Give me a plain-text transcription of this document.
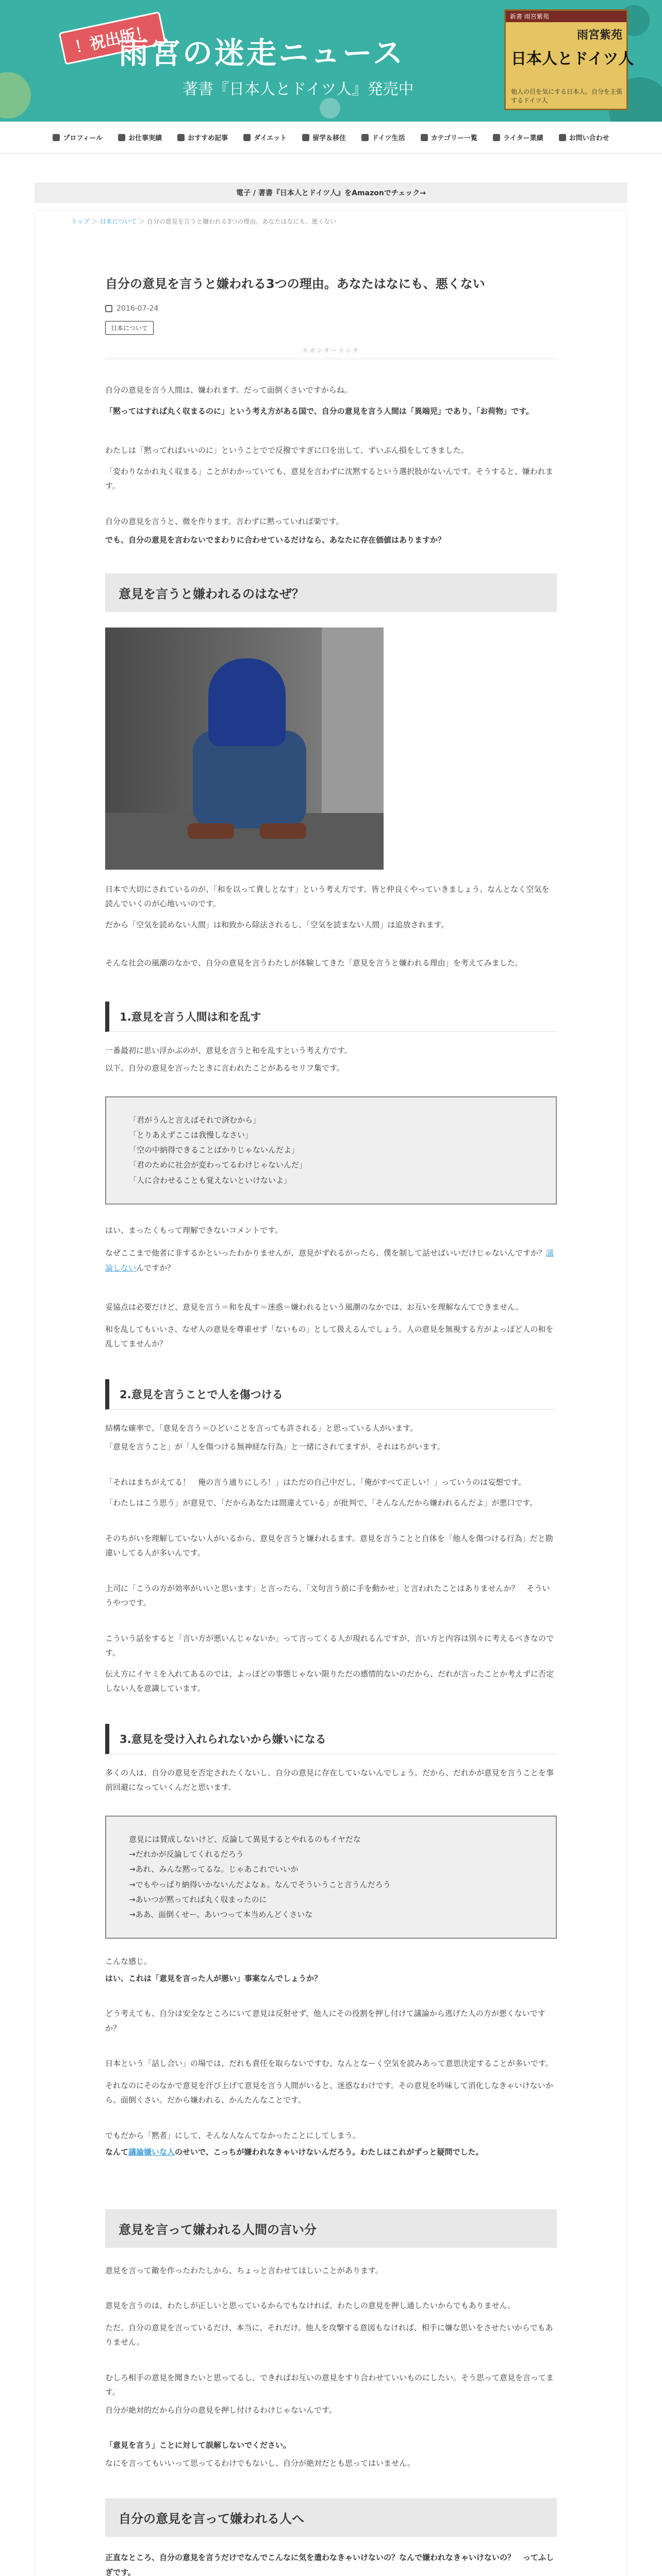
！祝出版！
雨宮の迷走ニュース
著書『日本人とドイツ人』発売中
新書 雨宮紫苑
雨宮紫苑
日本人とドイツ人
他人の目を気にする日本人、自分を主張するドイツ人
プロフィール	お仕事実績	おすすめ記事	ダイエット	留学＆移住	ドイツ生活	カテゴリー一覧	ライター業績	お問い合わせ
電子 / 著書『日本人とドイツ人』をAmazonでチェック→
トップ ＞ 日本について ＞ 自分の意見を言うと嫌われる3つの理由。あなたはなにも、悪くない
自分の意見を言うと嫌われる3つの理由。あなたはなにも、悪くない
2016-07-24
日本について
スポンサーリンク

自分の意見を言う人間は、嫌われます。だって面倒くさいですからね。

「黙ってはすれば丸く収まるのに」という考え方がある国で、自分の意見を言う人間は「異端児」であり、「お荷物」です。

わたしは「黙ってればいいのに」ということでで反撥ですぎに口を出して、ずいぶん損をしてきました。

「変わりなかれ丸く収まる」ことがわかっていても、意見を言わずに沈黙するという選択肢がないんです。そうすると、嫌われます。

自分の意見を言うと、微を作ります。言わずに黙っていれば楽です。

でも、自分の意見を言わないでまわりに合わせているだけなら、あなたに存在価値はありますか？

意見を言うと嫌われるのはなぜ？

日本で大切にされているのが、「和を以って貴しとなす」という考え方です。皆と仲良くやっていきましょう、なんとなく空気を読んでいくのが心地いいのです。

だから「空気を読めない人間」は和致から除法されるし、「空気を読まない人間」は追放されます。

そんな社会の風潮のなかで、自分の意見を言うわたしが体験してきた「意見を言うと嫌われる理由」を考えてみました。

1.意見を言う人間は和を乱す

一番最初に思い浮かぶのが、意見を言うと和を乱すという考え方です。

以下、自分の意見を言ったときに言われたことがあるセリフ集です。

「君がうんと言えばそれで済むから」
「とりあえずここは我慢しなさい」
「空の中納得できることばかりじゃないんだよ」
「君のために社会が変わってるわけじゃないんだ」
「人に合わせることも覚えないといけないよ」

はい、まったくもって理解できないコメントです。

なぜここまで他者に非するかといったわかりませんが、意見がずれるがったら、僕を制して話せばいいだけじゃないんですか？議論しないんですか？

妥協点は必要だけど、意見を言う＝和を乱す＝迷惑＝嫌われるという風潮のなかでは、お互いを理解なんてできません。

和を乱してもいいさ、なぜ人の意見を尊重せず「ないもの」として扱えるんでしょう。人の意見を無視する方がよっぽど人の和を乱してませんか？

2.意見を言うことで人を傷つける

結構な確率で、「意見を言う＝ひどいことを言っても許される」と思っている人がいます。

「意見を言うこと」が「人を傷つける無神経な行為」と一緒にされてますが、それはちがいます。

「それはまちがえてる！　俺の言う通りにしろ！」はただの自己中だし、「俺がすべて正しい！」っていうのは妄想です。

「わたしはこう思う」が意見で、「だからあなたは間違えている」が批判で、「そんなんだから嫌われるんだよ」が悪口です。

そのちがいを理解していない人がいるから、意見を言うと嫌われるます。意見を言うことと自体を「他人を傷つける行為」だと勘違いしてる人が多いんです。

上司に「こうの方が効率がいいと思います」と言ったら、「文句言う前に手を動かせ」と言われたことはありませんか？　そういうやつです。

こういう話をすると「言い方が悪いんじゃないか」って言ってくる人が現れるんですが、言い方と内容は別々に考えるべきなのです。

伝え方にイヤミを入れてあるのでは、よっぽどの事態じゃない限りただの感情的ないのだから、だれが言ったことか考えずに否定しない人を意識しています。

3.意見を受け入れられないから嫌いになる

多くの人は、自分の意見を否定されたくないし、自分の意見に存在していないんでしょう。だから、だれかが意見を言うことを事前回避になっていくんだと思います。

意見には賛成しないけど、反論して異見するとやれるのもイヤだな
→だれかが反論してくれるだろう
→あれ、みんな黙ってるな。じゃあこれでいいか
→でもやっぱり納得いかないんだよなぁ。なんでそういうこと言うんだろう
→あいつが黙ってれば丸く収まったのに
→ああ、面倒くせー。あいつって本当めんどくさいな

こんな感じ。

はい、これは「意見を言った人が悪い」事案なんでしょうか？

どう考えても、自分は安全なところにいて意見は反射せず、他人にその役割を押し付けて議論から逃げた人の方が悪くないですか？

日本という「話し合い」の場では、だれも責任を取らないですむ、なんとなーく空気を読みあって意思決定することが多いです。

それなのにそのなかで意見を汗び上げて意見を言う人間がいると、迷惑なわけです。その意見を吟味して消化しなきゃいけないから、面倒くさい。だから嫌われる、かんたんなことです。

でもだから「黙者」にして、そんな人なんてなかったことにしてしまう。

なんて議論嫌いな人のせいで、こっちが嫌われなきゃいけないんだろう。わたしはこれがずっと疑問でした。

意見を言って嫌われる人間の言い分

意見を言って敵を作ったわたしから、ちょっと言わせてほしいことがあります。

意見を言うのは、わたしが正しいと思っているからでもなければ、わたしの意見を押し通したいからでもありません。

ただ、自分の意見を言っているだけ、本当に、それだけ。他人を攻撃する意図もなければ、相手に嫌な思いをさせたいからでもありません。

むしろ相手の意見を聞きたいと思ってるし、できればお互いの意見をすり合わせていいものにしたい。そう思って意見を言ってます。

自分が絶対的だから自分の意見を押し付けるわけじゃないんです。

「意見を言う」ことに対して誤解しないでください。

なにを言ってもいいって思ってるわけでもないし、自分が絶対だとも思ってはいません。

自分の意見を言って嫌われる人へ

正直なところ、自分の意見を言うだけでなんでこんなに気を遣わなきゃいけないの？なんで嫌われなきゃいけないの？　ってふしぎです。
